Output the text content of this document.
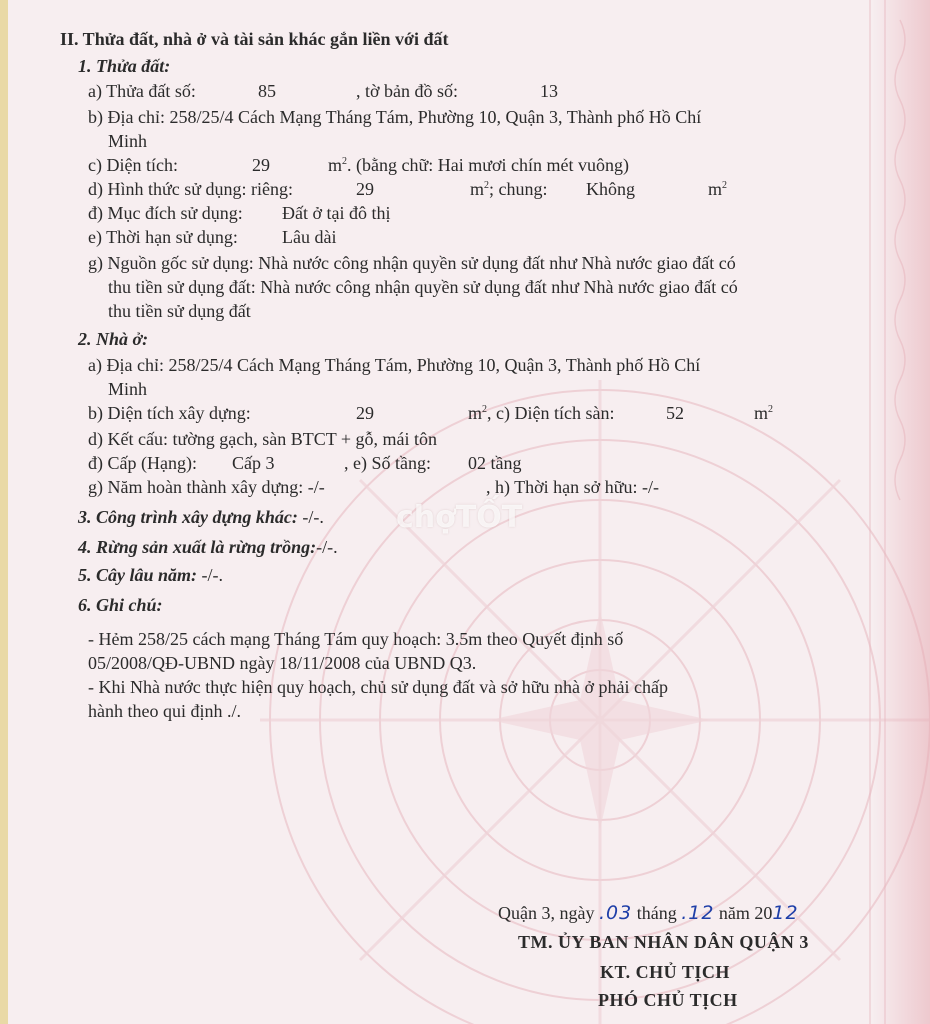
II. Thửa đất, nhà ở và tài sản khác gắn liền với đất
1. Thửa đất:
a) Thửa đất số:	85	, tờ bản đồ số:	13
b) Địa chỉ: 258/25/4 Cách Mạng Tháng Tám, Phường 10, Quận 3, Thành phố Hồ Chí
Minh
c) Diện tích:	29	$m^2$. (bằng chữ: Hai mươi chín mét vuông)
d) Hình thức sử dụng: riêng:	29	$m^2$; chung: Không	$m^2$
đ) Mục đích sử dụng: Đất ở tại đô thị
e) Thời hạn sử dụng: Lâu dài
g) Nguồn gốc sử dụng: Nhà nước công nhận quyền sử dụng đất như Nhà nước giao đất có
thu tiền sử dụng đất: Nhà nước công nhận quyền sử dụng đất như Nhà nước giao đất có
thu tiền sử dụng đất
2. Nhà ở:
a) Địa chỉ: 258/25/4 Cách Mạng Tháng Tám, Phường 10, Quận 3, Thành phố Hồ Chí
Minh
b) Diện tích xây dựng:	29	$m^2$, c) Diện tích sàn:	52	$m^2$
d) Kết cấu: tường gạch, sàn BTCT + gỗ, mái tôn
đ) Cấp (Hạng): Cấp 3	, e) Số tầng: 02 tầng
g) Năm hoàn thành xây dựng: -/-	, h) Thời hạn sở hữu: -/-
3. Công trình xây dựng khác: -/-.
4. Rừng sản xuất là rừng trồng:-/-.
5. Cây lâu năm: -/-.
6. Ghi chú:
- Hẻm 258/25 cách mạng Tháng Tám quy hoạch: 3.5m theo Quyết định số
05/2008/QĐ-UBND ngày 18/11/2008 của UBND Q3.
- Khi Nhà nước thực hiện quy hoạch, chủ sử dụng đất và sở hữu nhà ở phải chấp
hành theo qui định ./.
Quận 3, ngày .03 tháng .12 năm 2012
TM. ỦY BAN NHÂN DÂN QUẬN 3
KT. CHỦ TỊCH
PHÓ CHỦ TỊCH
chợTỐT
